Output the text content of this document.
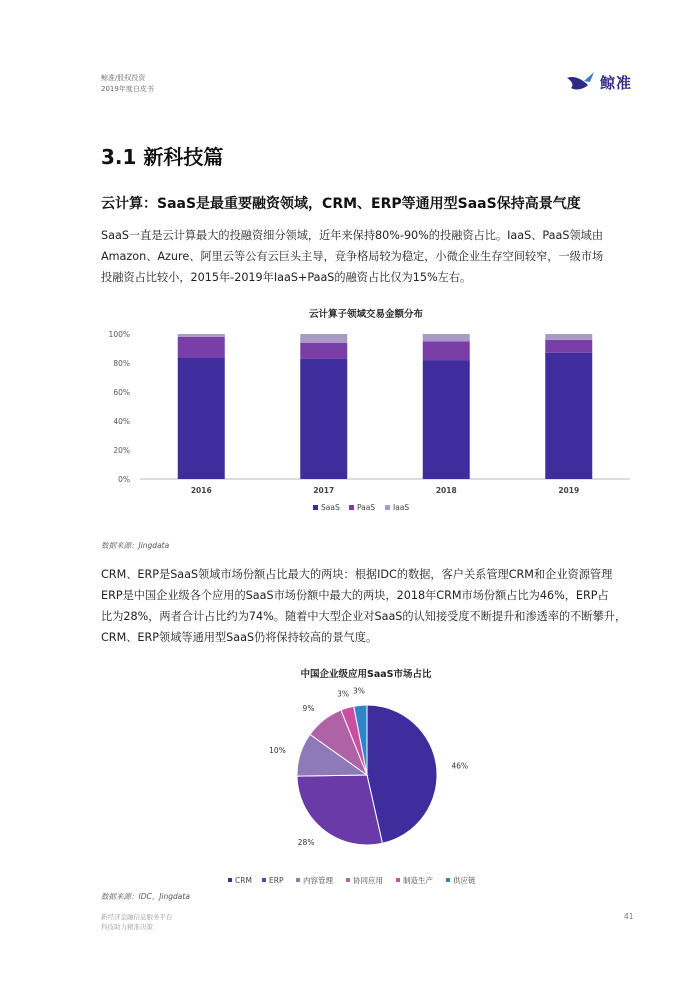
鲸准/股权投资
2019年度白皮书	鲸准
3.1 新科技篇
云计算：SaaS是最重要融资领域，CRM、ERP等通用型SaaS保持高景气度
SaaS一直是云计算最大的投融资细分领域，近年来保持80%-90%的投融资占比。IaaS、PaaS领域由
Amazon、Azure、阿里云等公有云巨头主导，竞争格局较为稳定，小微企业生存空间较窄，一级市场
投融资占比较小，2015年-2019年IaaS+PaaS的融资占比仅为15%左右。
云计算子领域交易金额分布
0%
20%
40%
60%
80%
100%
2016	2017	2018	2019
SaaS PaaS IaaS
数据来源：Jingdata
CRM、ERP是SaaS领域市场份额占比最大的两块：根据IDC的数据，客户关系管理CRM和企业资源管理
ERP是中国企业级各个应用的SaaS市场份额中最大的两块，2018年CRM市场份额占比为46%，ERP占
比为28%，两者合计占比约为74%。随着中大型企业对SaaS的认知接受度不断提升和渗透率的不断攀升，
CRM、ERP领域等通用型SaaS仍将保持较高的景气度。
中国企业级应用SaaS市场占比
46%
28%
10%
9%
3% 3%
CRM ERP	内容管理	协同应用	制造生产	供应链
数据来源：IDC，Jingdata
新经济金融信息服务平台
科技助力精准决策
41
